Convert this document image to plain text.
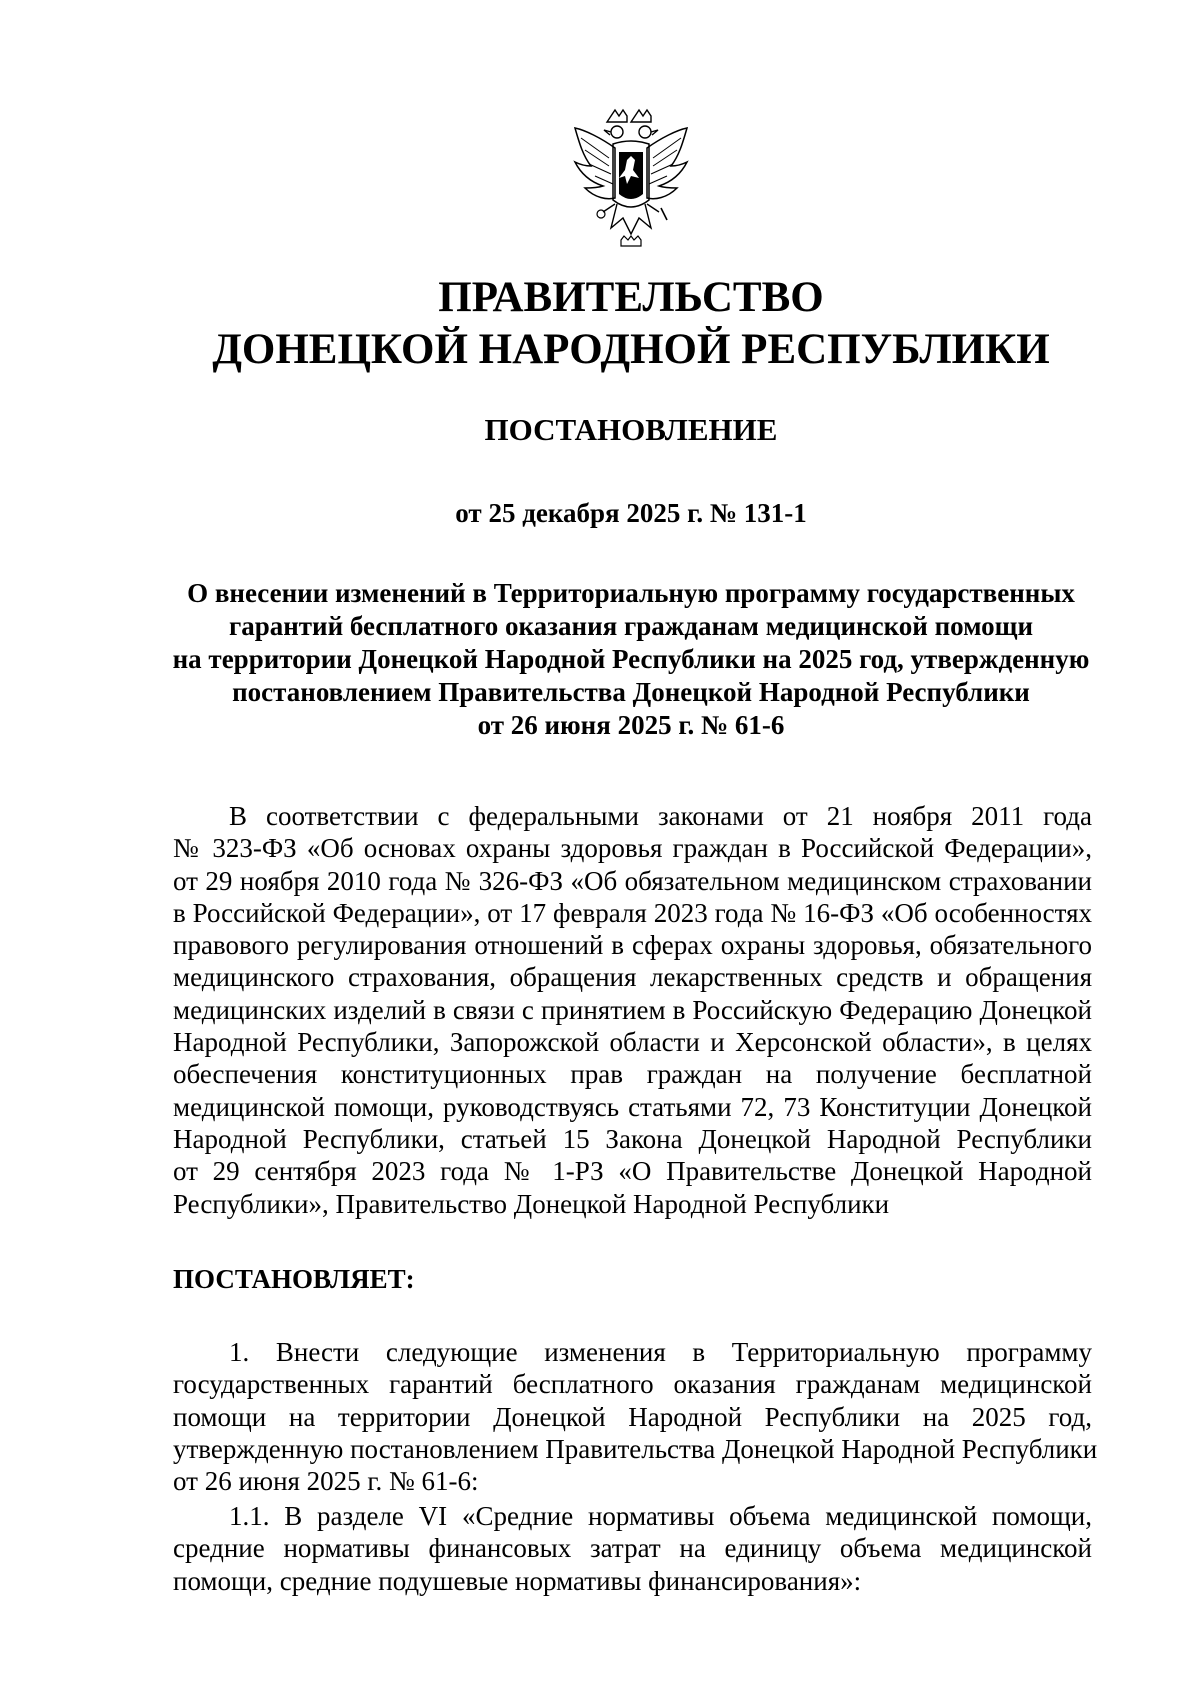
ПРАВИТЕЛЬСТВО
ДОНЕЦКОЙ НАРОДНОЙ РЕСПУБЛИКИ
ПОСТАНОВЛЕНИЕ
от 25 декабря 2025 г. № 131-1
О внесении изменений в Территориальную программу государственных
гарантий бесплатного оказания гражданам медицинской помощи
на территории Донецкой Народной Республики на 2025 год, утвержденную
постановлением Правительства Донецкой Народной Республики
от 26 июня 2025 г. № 61-6
В соответствии с федеральными законами от 21 ноября 2011 года
№ 323-ФЗ «Об основах охраны здоровья граждан в Российской Федерации»,
от 29 ноября 2010 года № 326-ФЗ «Об обязательном медицинском страховании
в Российской Федерации», от 17 февраля 2023 года № 16-ФЗ «Об особенностях
правового регулирования отношений в сферах охраны здоровья, обязательного
медицинского страхования, обращения лекарственных средств и обращения
медицинских изделий в связи с принятием в Российскую Федерацию Донецкой
Народной Республики, Запорожской области и Херсонской области», в целях
обеспечения конституционных прав граждан на получение бесплатной
медицинской помощи, руководствуясь статьями 72, 73 Конституции Донецкой
Народной Республики, статьей 15 Закона Донецкой Народной Республики
от 29 сентября 2023 года № 1-РЗ «О Правительстве Донецкой Народной
Республики», Правительство Донецкой Народной Республики
ПОСТАНОВЛЯЕТ:
1. Внести следующие изменения в Территориальную программу
государственных гарантий бесплатного оказания гражданам медицинской
помощи на территории Донецкой Народной Республики на 2025 год,
утвержденную постановлением Правительства Донецкой Народной Республики
от 26 июня 2025 г. № 61-6:
1.1. В разделе VI «Средние нормативы объема медицинской помощи,
средние нормативы финансовых затрат на единицу объема медицинской
помощи, средние подушевые нормативы финансирования»:
